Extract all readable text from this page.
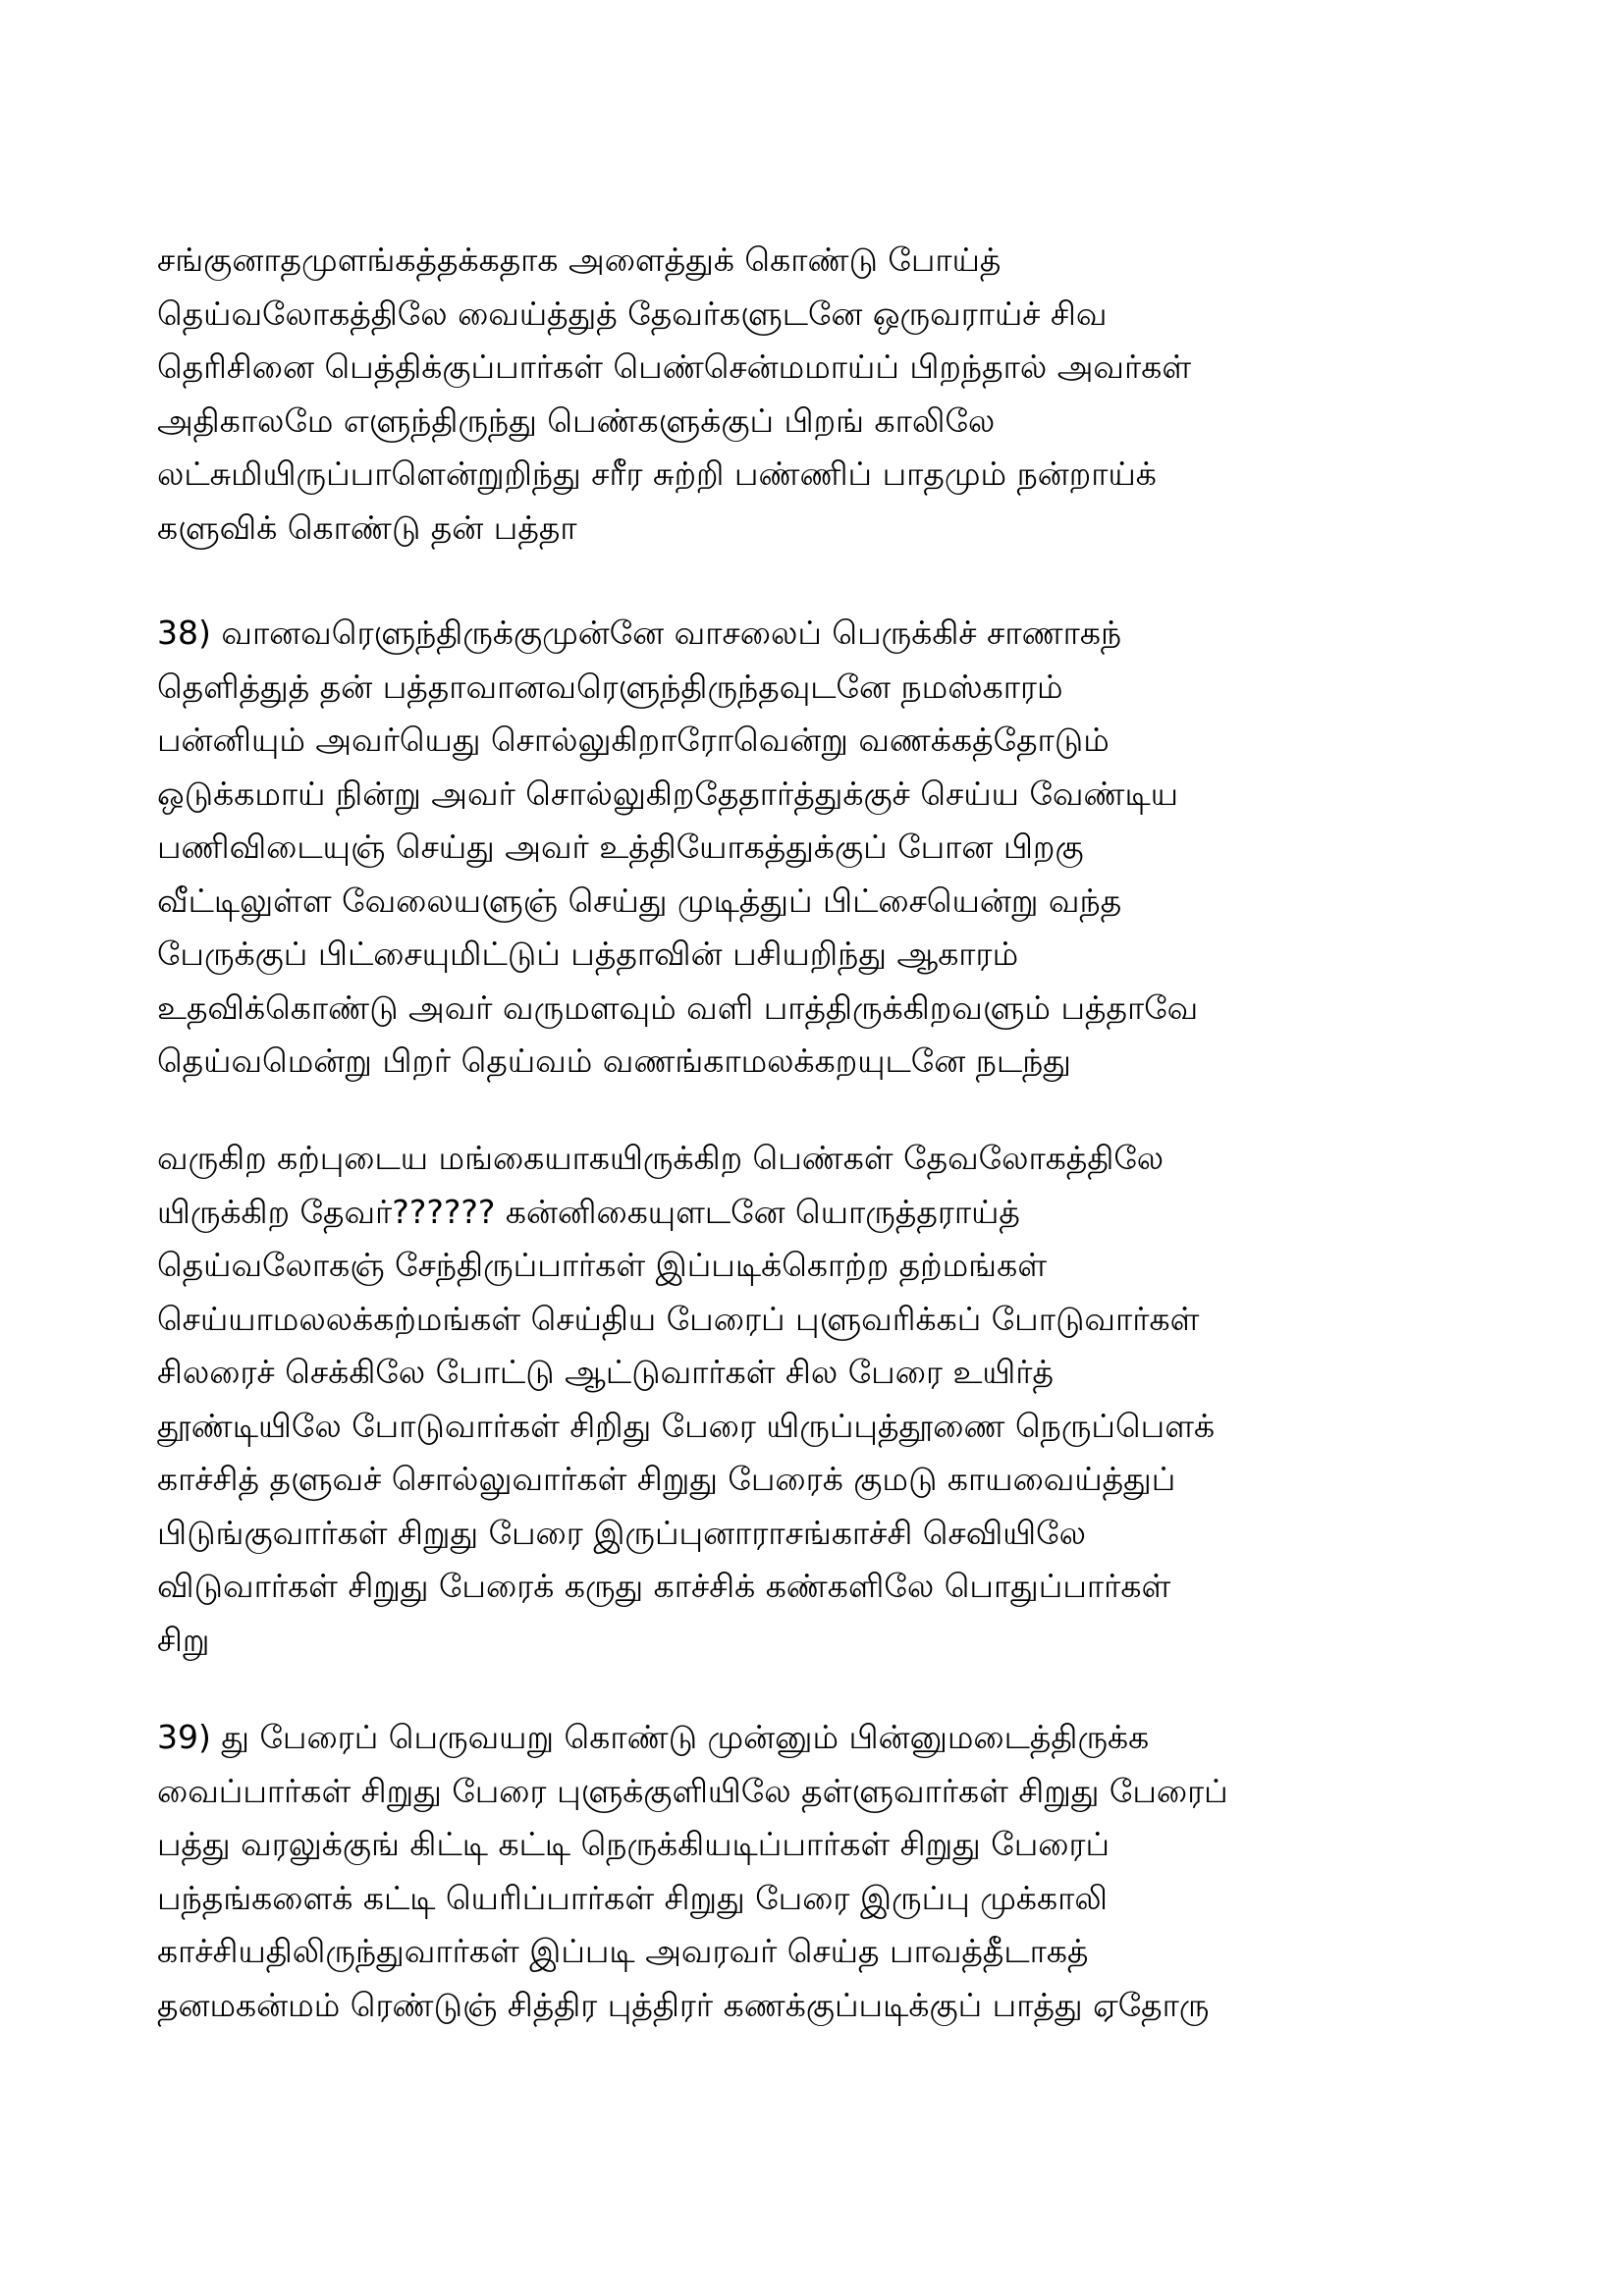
சங்குனாதமுளங்கத்தக்கதாக அளைத்துக் கொண்டு போய்த்
தெய்வலோகத்திலே வைய்த்துத் தேவர்களுடனே ஒருவராய்ச் சிவ
தெரிசினை பெத்திக்குப்பார்கள் பெண்சென்மமாய்ப் பிறந்தால் அவர்கள்
அதிகாலமே எளுந்திருந்து பெண்களுக்குப் பிறங் காலிலே
லட்சுமியிருப்பாளென்றுறிந்து சரீர சுற்றி பண்ணிப் பாதமும் நன்றாய்க்
களுவிக் கொண்டு தன் பத்தா

38) வானவரெளுந்திருக்குமுன்னே வாசலைப் பெருக்கிச் சாணாகந்
தெளித்துத் தன் பத்தாவானவரெளுந்திருந்தவுடனே நமஸ்காரம்
பன்னியும் அவர்யெது சொல்லுகிறாரோவென்று வணக்கத்தோடும்
ஒடுக்கமாய் நின்று அவர் சொல்லுகிறதேதார்த்துக்குச் செய்ய வேண்டிய
பணிவிடையுஞ் செய்து அவர் உத்தியோகத்துக்குப் போன பிறகு
வீட்டிலுள்ள வேலையளுஞ் செய்து முடித்துப் பிட்சையென்று வந்த
பேருக்குப் பிட்சையுமிட்டுப் பத்தாவின் பசியறிந்து ஆகாரம்
உதவிக்கொண்டு அவர் வருமளவும் வளி பாத்திருக்கிறவளும் பத்தாவே
தெய்வமென்று பிறர் தெய்வம் வணங்காமலக்கறயுடனே நடந்து

வருகிற கற்புடைய மங்கையாகயிருக்கிற பெண்கள் தேவலோகத்திலே
யிருக்கிற தேவர்?????? கன்னிகையுளடனே யொருத்தராய்த்
தெய்வலோகஞ் சேந்திருப்பார்கள் இப்படிக்கொற்ற தற்மங்கள்
செய்யாமலலக்கற்மங்கள் செய்திய பேரைப் புளுவரிக்கப் போடுவார்கள்
சிலரைச் செக்கிலே போட்டு ஆட்டுவார்கள் சில பேரை உயிர்த்
தூண்டியிலே போடுவார்கள் சிறிது பேரை யிருப்புத்தூணை நெருப்பெளக்
காச்சித் தளுவச் சொல்லுவார்கள் சிறுது பேரைக் குமடு காயவைய்த்துப்
பிடுங்குவார்கள் சிறுது பேரை இருப்புனாராசங்காச்சி செவியிலே
விடுவார்கள் சிறுது பேரைக் கருது காச்சிக் கண்களிலே பொதுப்பார்கள்
சிறு

39) து பேரைப் பெருவயறு கொண்டு முன்னும் பின்னுமடைத்திருக்க
வைப்பார்கள் சிறுது பேரை புளுக்குளியிலே தள்ளுவார்கள் சிறுது பேரைப்
பத்து வரலுக்குங் கிட்டி கட்டி நெருக்கியடிப்பார்கள் சிறுது பேரைப்
பந்தங்களைக் கட்டி யெரிப்பார்கள் சிறுது பேரை இருப்பு முக்காலி
காச்சியதிலிருந்துவார்கள் இப்படி அவரவர் செய்த பாவத்தீடாகத்
தனமகன்மம் ரெண்டுஞ் சித்திர புத்திரர் கணக்குப்படிக்குப் பாத்து ஏதோரு
